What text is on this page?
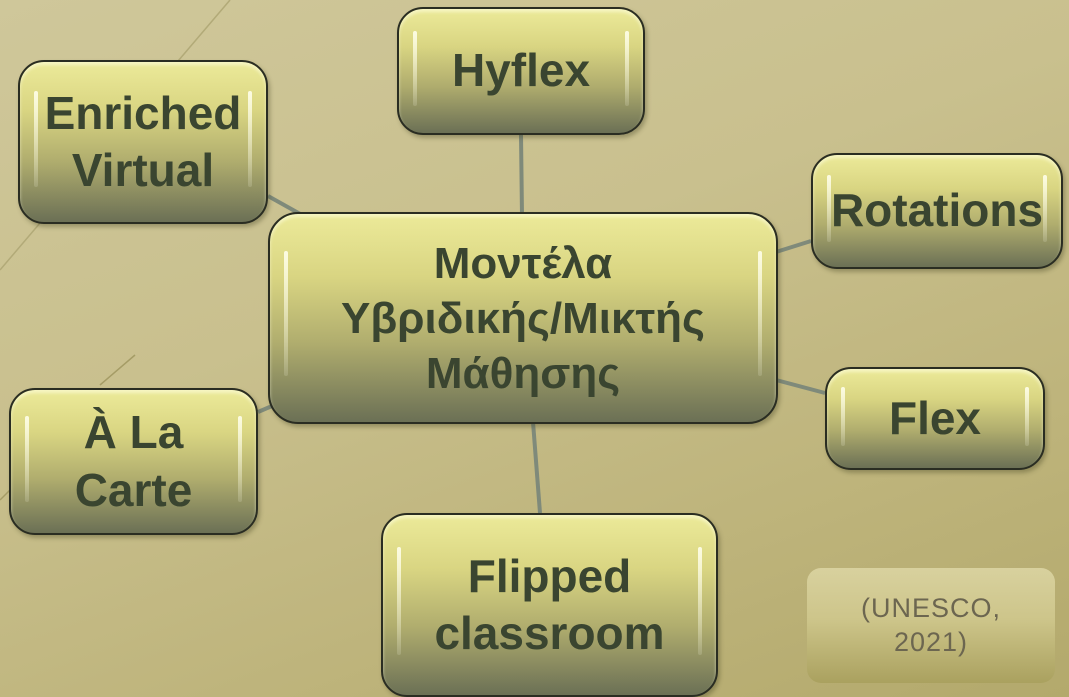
Μοντέλα
Υβριδικής/Μικτής
Μάθησης
Hyflex
Enriched
Virtual
Rotations
Flex
À La
Carte
Flipped
classroom	(UNESCO,
2021)
